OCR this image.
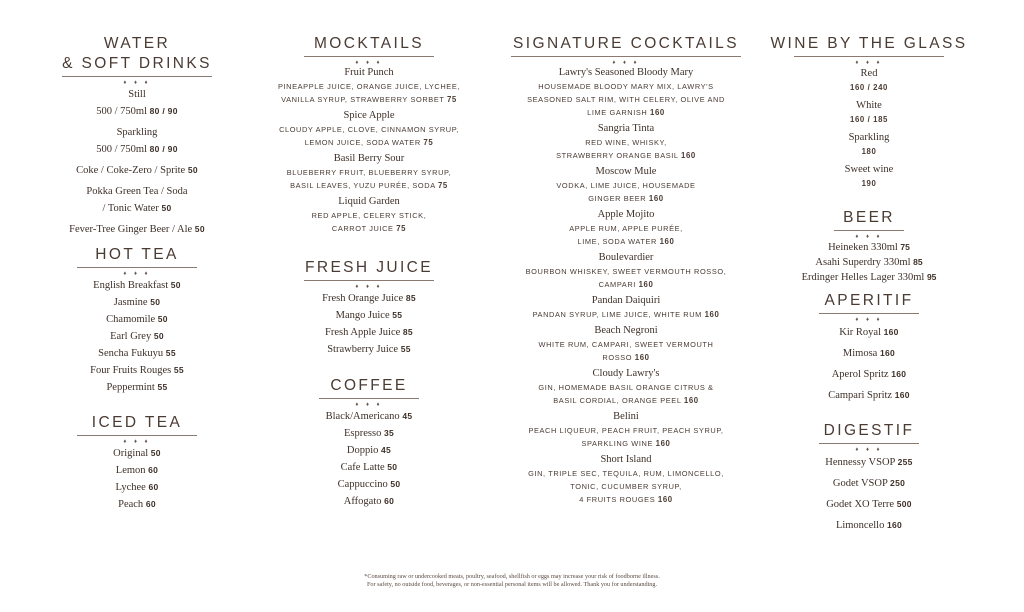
WATER
& SOFT DRINKS
♦ ♦ ♦
Still
500 / 750ml 80 / 90
Sparkling
500 / 750ml 80 / 90
Coke / Coke-Zero / Sprite 50
Pokka Green Tea / Soda
/ Tonic Water 50
Fever-Tree Ginger Beer / Ale 50
HOT TEA
♦ ♦ ♦
English Breakfast 50
Jasmine 50
Chamomile 50
Earl Grey 50
Sencha Fukuyu 55
Four Fruits Rouges 55
Peppermint 55
ICED TEA
♦ ♦ ♦
Original 50
Lemon 60
Lychee 60
Peach 60
MOCKTAILS
♦ ♦ ♦
Fruit Punch
PINEAPPLE JUICE, ORANGE JUICE, LYCHEE,
VANILLA SYRUP, STRAWBERRY SORBET 75
Spice Apple
CLOUDY APPLE, CLOVE, CINNAMON SYRUP,
LEMON JUICE, SODA WATER 75
Basil Berry Sour
BLUEBERRY FRUIT, BLUEBERRY SYRUP,
BASIL LEAVES, YUZU PURÉE, SODA 75
Liquid Garden
RED APPLE, CELERY STICK,
CARROT JUICE 75
FRESH JUICE
♦ ♦ ♦
Fresh Orange Juice 85
Mango Juice 55
Fresh Apple Juice 85
Strawberry Juice 55
COFFEE
♦ ♦ ♦
Black/Americano 45
Espresso 35
Doppio 45
Cafe Latte 50
Cappuccino 50
Affogato 60
SIGNATURE COCKTAILS
♦ ♦ ♦
Lawry's Seasoned Bloody Mary
HOUSEMADE BLOODY MARY MIX, LAWRY'S
SEASONED SALT RIM, WITH CELERY, OLIVE AND
LIME GARNISH 160
Sangria Tinta
RED WINE, WHISKY,
STRAWBERRY ORANGE BASIL 160
Moscow Mule
VODKA, LIME JUICE, HOUSEMADE
GINGER BEER 160
Apple Mojito
APPLE RUM, APPLE PURÉE,
LIME, SODA WATER 160
Boulevardier
BOURBON WHISKEY, SWEET VERMOUTH ROSSO,
CAMPARI 160
Pandan Daiquiri
PANDAN SYRUP, LIME JUICE, WHITE RUM 160
Beach Negroni
WHITE RUM, CAMPARI, SWEET VERMOUTH
ROSSO 160
Cloudy Lawry's
GIN, HOMEMADE BASIL ORANGE CITRUS &
BASIL CORDIAL, ORANGE PEEL 160
Belini
PEACH LIQUEUR, PEACH FRUIT, PEACH SYRUP,
SPARKLING WINE 160
Short Island
GIN, TRIPLE SEC, TEQUILA, RUM, LIMONCELLO,
TONIC, CUCUMBER SYRUP,
4 FRUITS ROUGES 160
WINE BY THE GLASS
♦ ♦ ♦
Red
160 / 240
White
160 / 185
Sparkling
180
Sweet wine
190
BEER
♦ ♦ ♦
Heineken 330ml 75
Asahi Superdry 330ml 85
Erdinger Helles Lager 330ml 95
APERITIF
♦ ♦ ♦
Kir Royal 160
Mimosa 160
Aperol Spritz 160
Campari Spritz 160
DIGESTIF
♦ ♦ ♦
Hennessy VSOP 255
Godet VSOP 250
Godet XO Terre 500
Limoncello 160
*Consuming raw or undercooked meats, poultry, seafood, shellfish or eggs may increase your risk of foodborne illness.
For safety, no outside food, beverages, or non-essential personal items will be allowed. Thank you for understanding.
